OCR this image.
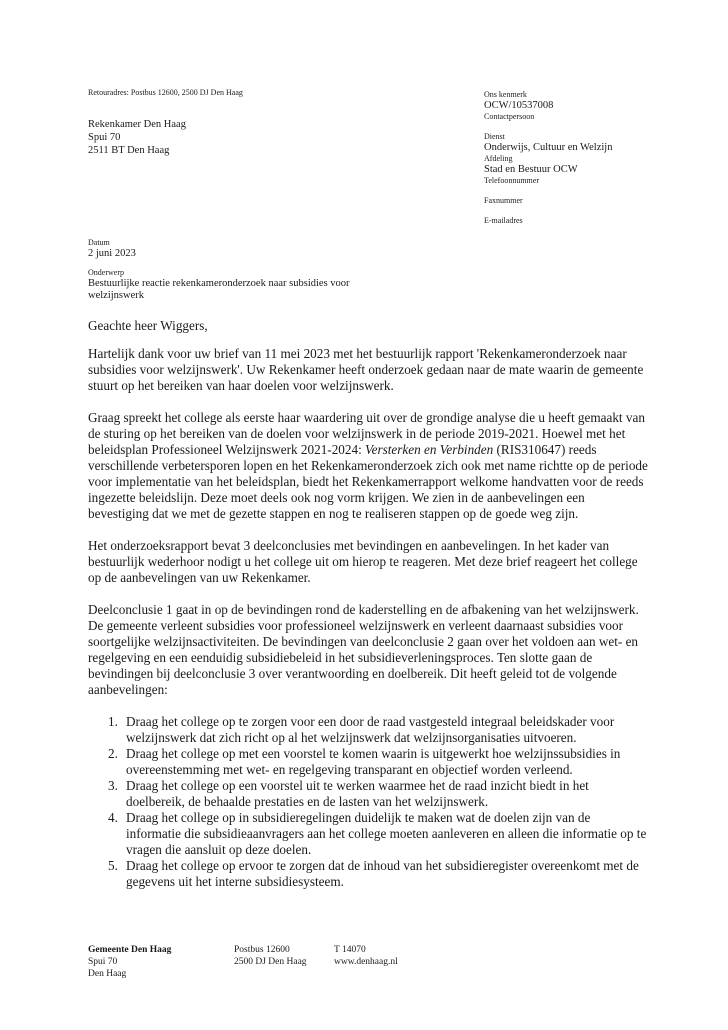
Retouradres: Postbus 12600, 2500 DJ Den Haag
Rekenkamer Den Haag
Spui 70
2511 BT Den Haag
Ons kenmerk
OCW/10537008
Contactpersoon
Dienst
Onderwijs, Cultuur en Welzijn
Afdeling
Stad en Bestuur OCW
Telefoonnummer
Faxnummer
E-mailadres
Datum
2 juni 2023
Onderwerp
Bestuurlijke reactie rekenkameronderzoek naar subsidies voor welzijnswerk

Geachte heer Wiggers,

Hartelijk dank voor uw brief van 11 mei 2023 met het bestuurlijk rapport 'Rekenkameronderzoek naar subsidies voor welzijnswerk'. Uw Rekenkamer heeft onderzoek gedaan naar de mate waarin de gemeente stuurt op het bereiken van haar doelen voor welzijnswerk.

Graag spreekt het college als eerste haar waardering uit over de grondige analyse die u heeft gemaakt van de sturing op het bereiken van de doelen voor welzijnswerk in de periode 2019-2021. Hoewel met het beleidsplan Professioneel Welzijnswerk 2021-2024: Versterken en Verbinden (RIS310647) reeds verschillende verbetersporen lopen en het Rekenkameronderzoek zich ook met name richtte op de periode voor implementatie van het beleidsplan, biedt het Rekenkamerrapport welkome handvatten voor de reeds ingezette beleidslijn. Deze moet deels ook nog vorm krijgen. We zien in de aanbevelingen een bevestiging dat we met de gezette stappen en nog te realiseren stappen op de goede weg zijn.

Het onderzoeksrapport bevat 3 deelconclusies met bevindingen en aanbevelingen. In het kader van bestuurlijk wederhoor nodigt u het college uit om hierop te reageren. Met deze brief reageert het college op de aanbevelingen van uw Rekenkamer.

Deelconclusie 1 gaat in op de bevindingen rond de kaderstelling en de afbakening van het welzijnswerk. De gemeente verleent subsidies voor professioneel welzijnswerk en verleent daarnaast subsidies voor soortgelijke welzijnsactiviteiten. De bevindingen van deelconclusie 2 gaan over het voldoen aan wet- en regelgeving en een eenduidig subsidiebeleid in het subsidieverleningsproces. Ten slotte gaan de bevindingen bij deelconclusie 3 over verantwoording en doelbereik. Dit heeft geleid tot de volgende aanbevelingen:

1. Draag het college op te zorgen voor een door de raad vastgesteld integraal beleidskader voor welzijnswerk dat zich richt op al het welzijnswerk dat welzijnsorganisaties uitvoeren.
2. Draag het college op met een voorstel te komen waarin is uitgewerkt hoe welzijnssubsidies in overeenstemming met wet- en regelgeving transparant en objectief worden verleend.
3. Draag het college op een voorstel uit te werken waarmee het de raad inzicht biedt in het doelbereik, de behaalde prestaties en de lasten van het welzijnswerk.
4. Draag het college op in subsidieregelingen duidelijk te maken wat de doelen zijn van de informatie die subsidieaanvragers aan het college moeten aanleveren en alleen die informatie op te vragen die aansluit op deze doelen.
5. Draag het college op ervoor te zorgen dat de inhoud van het subsidieregister overeenkomt met de gegevens uit het interne subsidiesysteem.
Gemeente Den Haag
Spui 70
Den Haag
Postbus 12600
2500 DJ Den Haag
T 14070
www.denhaag.nl
